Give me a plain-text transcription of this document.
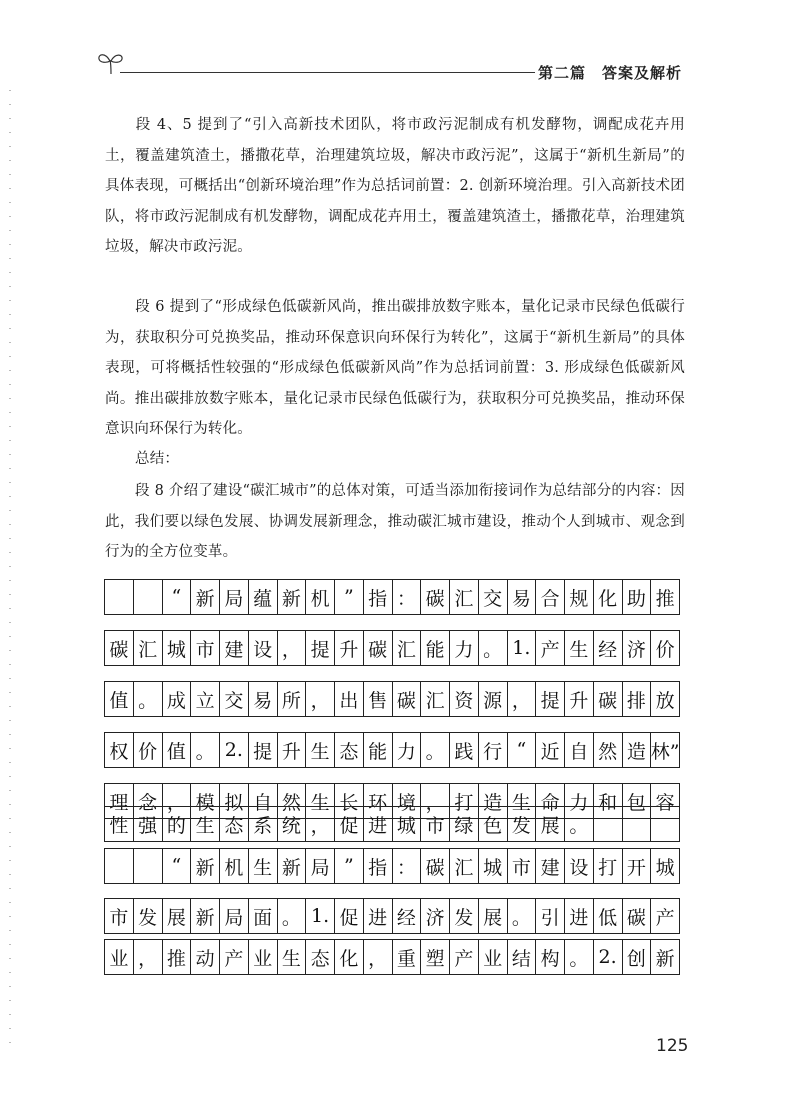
第二篇　答案及解析
段 4、5 提到了“引入高新技术团队，将市政污泥制成有机发酵物，调配成花卉用土，覆盖建筑渣土，播撒花草，治理建筑垃圾，解决市政污泥”，这属于“新机生新局”的具体表现，可概括出“创新环境治理”作为总括词前置：2. 创新环境治理。引入高新技术团队，将市政污泥制成有机发酵物，调配成花卉用土，覆盖建筑渣土，播撒花草，治理建筑垃圾，解决市政污泥。
段 6 提到了“形成绿色低碳新风尚，推出碳排放数字账本，量化记录市民绿色低碳行为，获取积分可兑换奖品，推动环保意识向环保行为转化”，这属于“新机生新局”的具体表现，可将概括性较强的“形成绿色低碳新风尚”作为总括词前置：3. 形成绿色低碳新风尚。推出碳排放数字账本，量化记录市民绿色低碳行为，获取积分可兑换奖品，推动环保意识向环保行为转化。
总结：
段 8 介绍了建设“碳汇城市”的总体对策，可适当添加衔接词作为总结部分的内容：因此，我们要以绿色发展、协调发展新理念，推动碳汇城市建设，推动个人到城市、观念到行为的全方位变革。
“ 新 局 蕴 新 机 ” 指 ： 碳 汇 交 易 合 规 化 助 推
碳 汇 城 市 建 设 ， 提 升 碳 汇 能 力 。 1. 产 生 经 济 价
值 。 成 立 交 易 所 ， 出 售 碳 汇 资 源 ， 提 升 碳 排 放
权 价 值 。 2. 提 升 生 态 能 力 。 践 行 “ 近 自 然 造 林”
理 念 ， 模 拟 自 然 生 长 环 境 ， 打 造 生 命 力 和 包 容
性 强 的 生 态 系 统 ， 促 进 城 市 绿 色 发 展 。
“ 新 机 生 新 局 ” 指 ： 碳 汇 城 市 建 设 打 开 城
市 发 展 新 局 面 。 1. 促 进 经 济 发 展 。 引 进 低 碳 产
业 ， 推 动 产 业 生 态 化 ， 重 塑 产 业 结 构 。 2. 创 新
125
